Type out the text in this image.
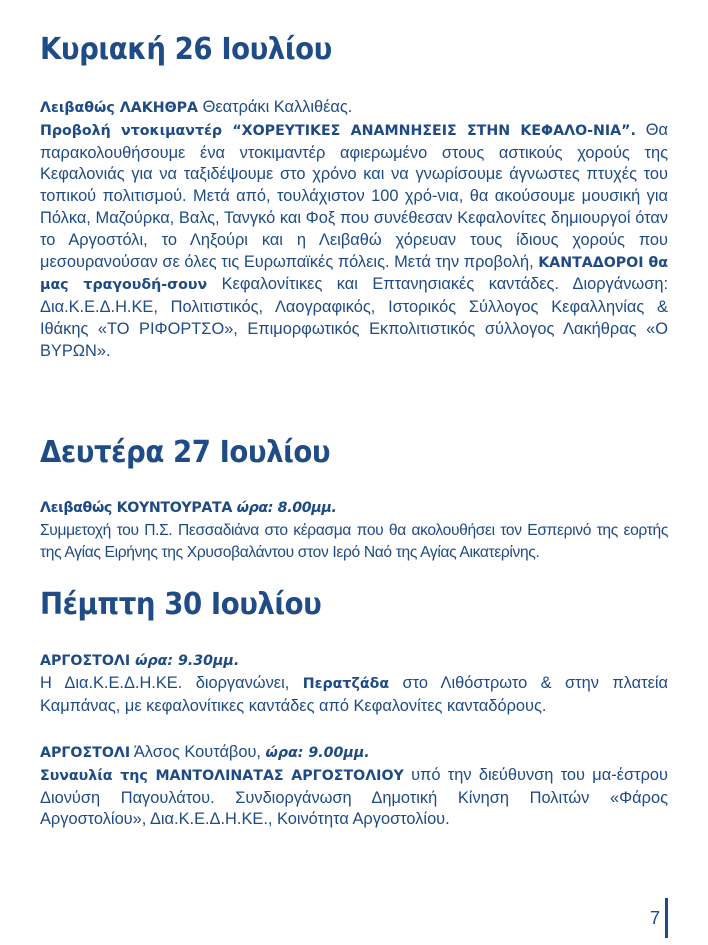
Κυριακή 26 Ιουλίου

Λειβαθώς ΛΑΚΗΘΡΑ Θεατράκι Καλλιθέας.
Προβολή ντοκιμαντέρ “ΧΟΡΕΥΤΙΚΕΣ ΑΝΑΜΝΗΣΕΙΣ ΣΤΗΝ ΚΕΦΑΛΟ-ΝΙΑ”. Θα παρακολουθήσουμε ένα ντοκιμαντέρ αφιερωμένο στους αστικούς χορούς της Κεφαλονιάς για να ταξιδέψουμε στο χρόνο και να γνωρίσουμε άγνωστες πτυχές του τοπικού πολιτισμού. Μετά από, τουλάχιστον 100 χρό-νια, θα ακούσουμε μουσική για Πόλκα, Μαζούρκα, Βαλς, Τανγκό και Φοξ που συνέθεσαν Κεφαλονίτες δημιουργοί όταν το Αργοστόλι, το Ληξούρι και η Λειβαθώ χόρευαν τους ίδιους χορούς που μεσουρανούσαν σε όλες τις Ευρωπαϊκές πόλεις. Μετά την προβολή, ΚΑΝΤΑΔΟΡΟΙ θα μας τραγουδή-σουν Κεφαλονίτικες και Επτανησιακές καντάδες. Διοργάνωση: Δια.Κ.Ε.Δ.Η.ΚΕ, Πολιτιστικός, Λαογραφικός, Ιστορικός Σύλλογος Κεφαλληνίας & Ιθάκης «ΤΟ ΡΙΦΟΡΤΣΟ», Επιμορφωτικός Εκπολιτιστικός σύλλογος Λακήθρας «Ο ΒΥΡΩΝ».

Δευτέρα 27 Ιουλίου

Λειβαθώς ΚΟΥΝΤΟΥΡΑΤΑ ώρα: 8.00μμ.
Συμμετοχή του Π.Σ. Πεσσαδιάνα στο κέρασμα που θα ακολουθήσει τον Εσπερινό της εορτής της Αγίας Ειρήνης της Χρυσοβαλάντου στον Ιερό Ναό της Αγίας Αικατερίνης.

Πέμπτη 30 Ιουλίου

ΑΡΓΟΣΤΟΛΙ ώρα: 9.30μμ.
Η Δια.Κ.Ε.Δ.Η.ΚΕ. διοργανώνει, Περατζάδα στο Λιθόστρωτο & στην πλατεία Καμπάνας, με κεφαλονίτικες καντάδες από Κεφαλονίτες κανταδόρους.

ΑΡΓΟΣΤΟΛΙ Άλσος Κουτάβου, ώρα: 9.00μμ.
Συναυλία της ΜΑΝΤΟΛΙΝΑΤΑΣ ΑΡΓΟΣΤΟΛΙΟΥ υπό την διεύθυνση του μα-έστρου Διονύση Παγουλάτου. Συνδιοργάνωση Δημοτική Κίνηση Πολιτών «Φάρος Αργοστολίου», Δια.Κ.Ε.Δ.Η.ΚΕ., Κοινότητα Αργοστολίου.

7
